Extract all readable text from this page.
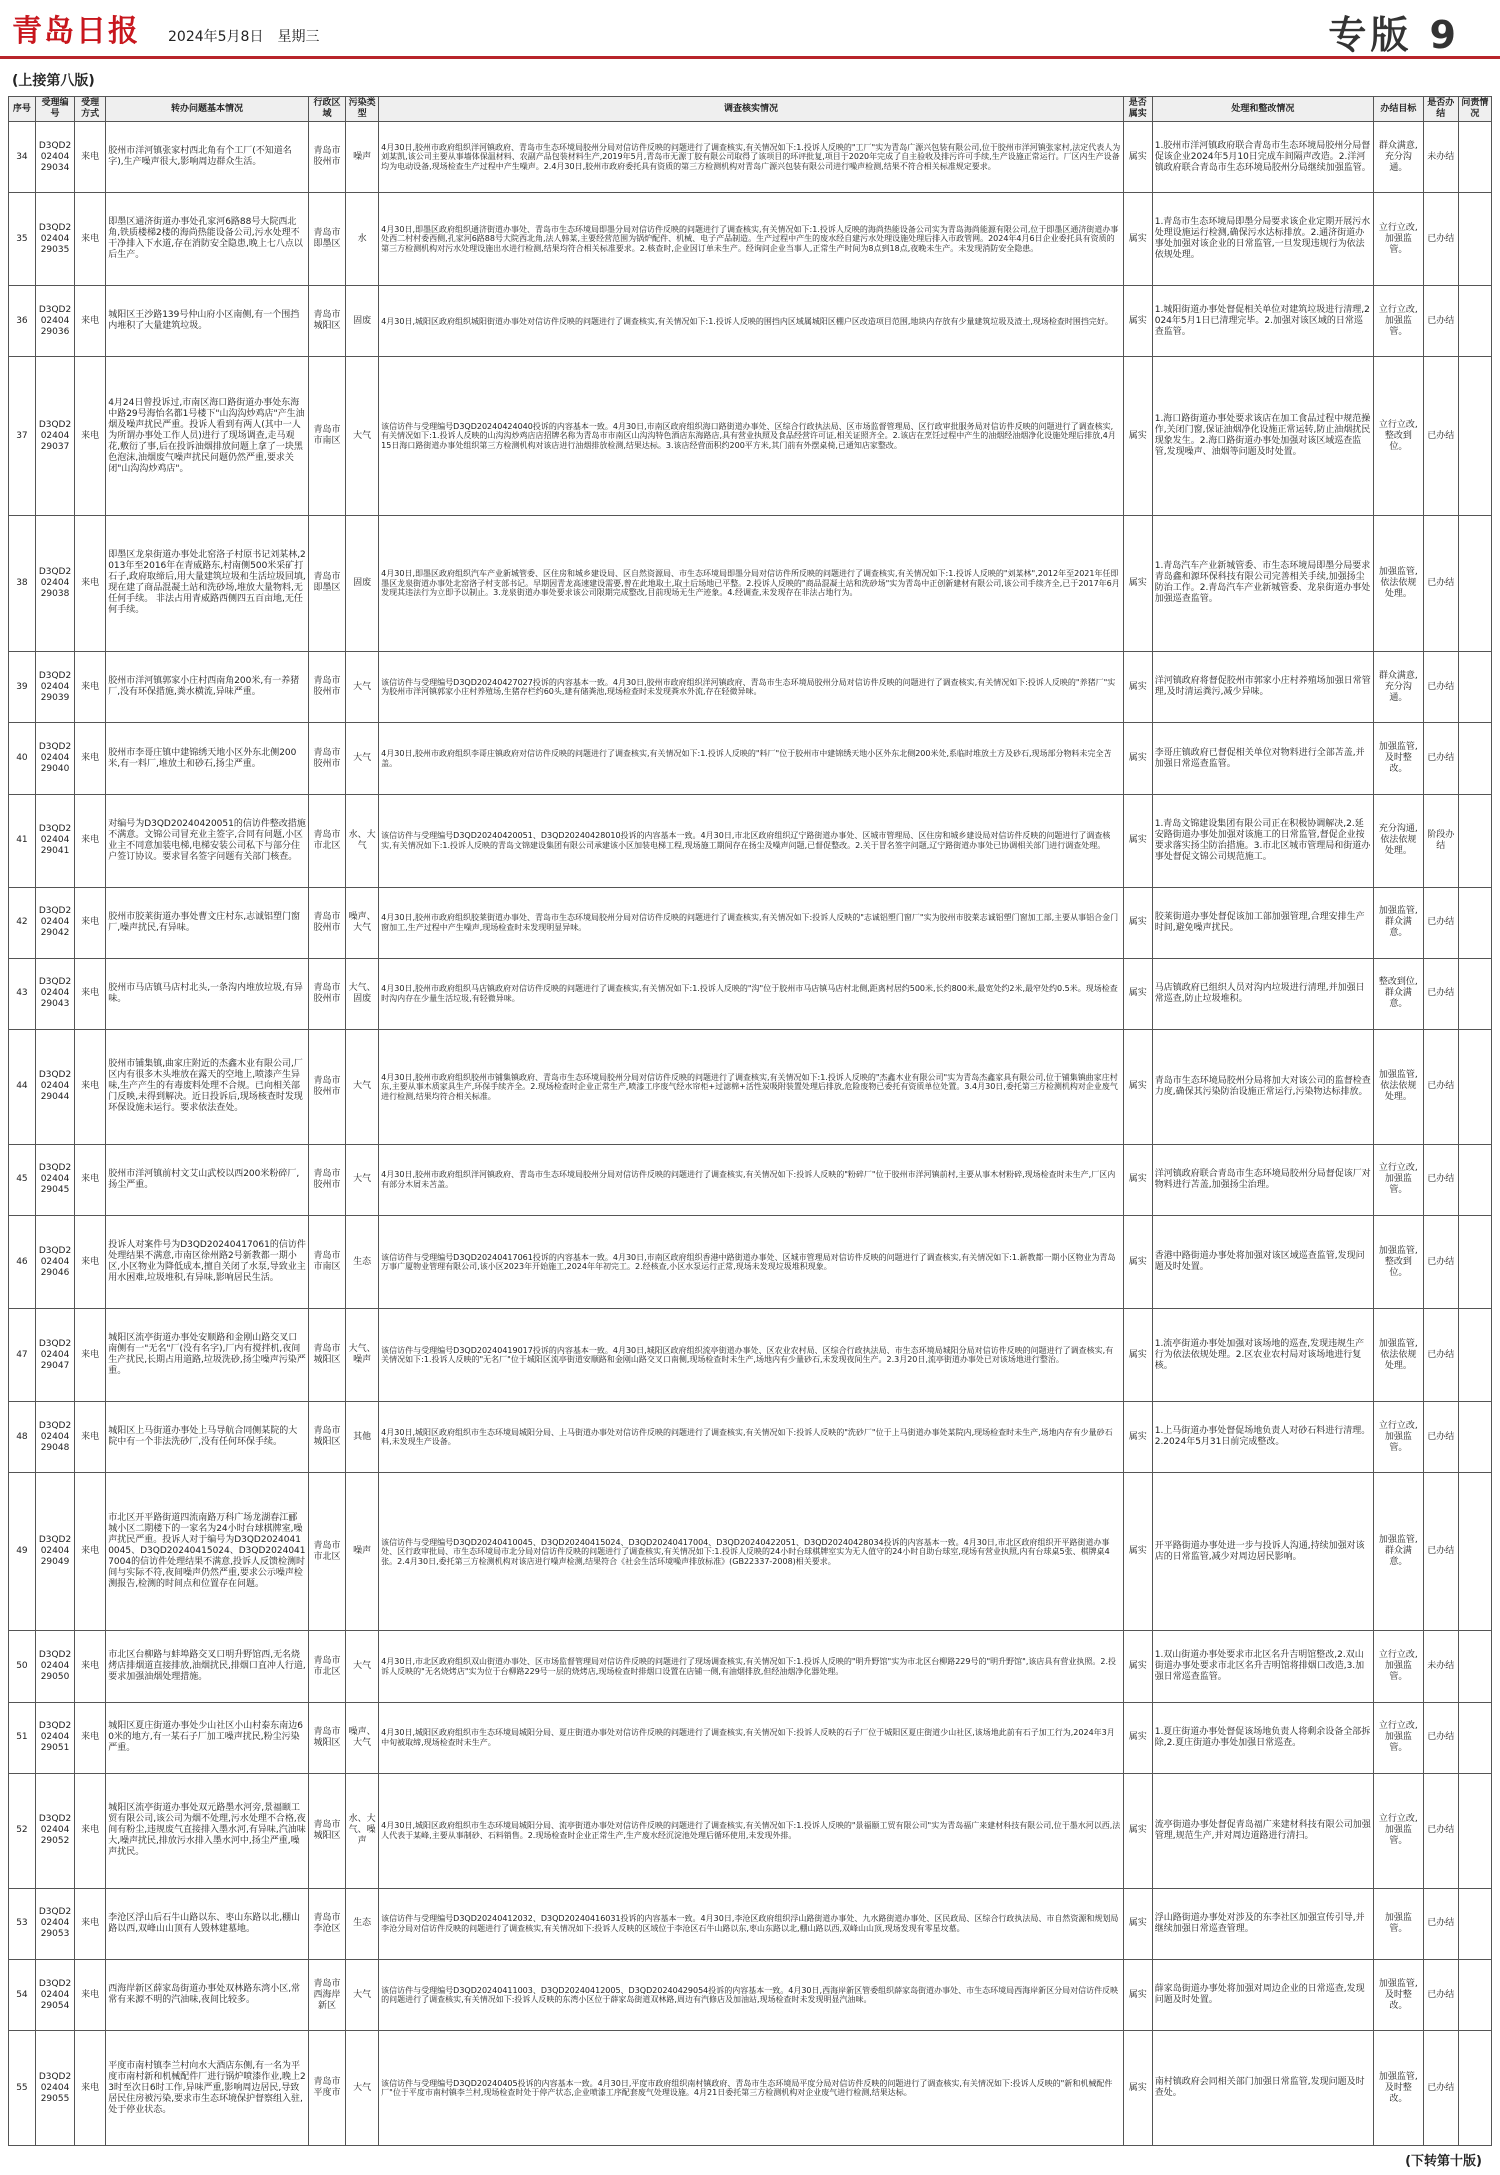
青岛日报 2024年5月8日　星期三	专版 9
(上接第八版)
序号	受理编号	受理方式	转办问题基本情况	行政区域	污染类型	调查核实情况	是否属实	处理和整改情况	办结目标	是否办结	问责情况
34	D3QD202404 29034	来电	胶州市洋河镇张家村西北角有个工厂(不知道名字),生产噪声很大,影响周边群众生活。	青岛市胶州市	噪声	4月30日,胶州市政府组织洋河镇政府、青岛市生态环境局胶州分局对信访件反映的问题进行了调查核实,有关情况如下:1.投诉人反映的"工厂"实为青岛广源兴包装有限公司,位于胶州市洋河镇张家村,法定代表人为刘某凯,该公司主要从事墙体保温材料、农副产品包装材料生产,2019年5月,青岛市无源丁胶有限公司取得了该项目的环评批复,项目于2020年完成了自主验收及排污许可手续,生产设施正常运行。厂区内生产设备均为电动设备,现场检查生产过程中产生噪声。2.4月30日,胶州市政府委托具有资质的第三方检测机构对青岛广源兴包装有限公司进行噪声检测,结果不符合相关标准规定要求。	属实	1.胶州市洋河镇政府联合青岛市生态环境局胶州分局督促该企业2024年5月10日完成车间隔声改造。2.洋河镇政府联合青岛市生态环境局胶州分局继续加强监管。	群众满意,充分沟通。	未办结	
35	D3QD202404 29035	来电	即墨区通济街道办事处孔家河6路88号大院西北角,铁质楼梯2楼的海尚热能设备公司,污水处理不干净排入下水道,存在消防安全隐患,晚上七八点以后生产。	青岛市即墨区	水	4月30日,即墨区政府组织通济街道办事处、青岛市生态环境局即墨分局对信访件反映的问题进行了调查核实,有关情况如下:1.投诉人反映的海尚热能设备公司实为青岛海尚能源有限公司,位于即墨区通济街道办事处西二村村委西侧,孔家河6路88号大院西北角,法人韩某,主要经营范围为锅炉配件、机械、电子产品制造。生产过程中产生的废水经自建污水处理设施处理后排入市政管网。2024年4月6日企业委托具有资质的第三方检测机构对污水处理设施出水进行检测,结果均符合相关标准要求。2.核查时,企业因订单未生产。经询问企业当事人,正常生产时间为8点到18点,夜晚未生产。未发现消防安全隐患。	属实	1.青岛市生态环境局即墨分局要求该企业定期开展污水处理设施运行检测,确保污水达标排放。2.通济街道办事处加强对该企业的日常监管,一旦发现违规行为依法依规处理。	立行立改,加强监管。	已办结	
36	D3QD202404 29036	来电	城阳区王沙路139号仲山府小区南侧,有一个围挡内堆积了大量建筑垃圾。	青岛市城阳区	固废	4月30日,城阳区政府组织城阳街道办事处对信访件反映的问题进行了调查核实,有关情况如下:1.投诉人反映的围挡内区域属城阳区棚户区改造项目范围,地块内存放有少量建筑垃圾及渣土,现场检查时围挡完好。	属实	1.城阳街道办事处督促相关单位对建筑垃圾进行清理,2024年5月1日已清理完毕。2.加强对该区域的日常巡查监管。	立行立改,加强监管。	已办结	
37	D3QD202404 29037	来电	4月24日曾投诉过,市南区海口路街道办事处东海中路29号海怡名都1号楼下"山沟沟炒鸡店"产生油烟及噪声扰民严重。投诉人看到有两人(其中一人为所谓办事处工作人员)进行了现场调查,走马观花,敷衍了事,后在投诉油烟排放问题上拿了一块黑色泡沫,油烟废气噪声扰民问题仍然严重,要求关闭"山沟沟炒鸡店"。	青岛市市南区	大气	该信访件与受理编号D3QD20240424040投诉的内容基本一致。4月30日,市南区政府组织海口路街道办事处、区综合行政执法局、区市场监督管理局、区行政审批服务局对信访件反映的问题进行了调查核实,有关情况如下:1.投诉人反映的山沟沟炒鸡店店招牌名称为青岛市市南区山沟沟特色酒店东海路店,具有营业执照及食品经营许可证,相关证照齐全。2.该店在烹饪过程中产生的油烟经油烟净化设施处理后排放,4月15日海口路街道办事处组织第三方检测机构对该店进行油烟排放检测,结果达标。3.该店经营面积约200平方米,其门前有外摆桌椅,已通知店家整改。	属实	1.海口路街道办事处要求该店在加工食品过程中规范操作,关闭门窗,保证油烟净化设施正常运转,防止油烟扰民现象发生。2.海口路街道办事处加强对该区域巡查监管,发现噪声、油烟等问题及时处置。	立行立改,整改到位。	已办结	
38	D3QD202404 29038	来电	即墨区龙泉街道办事处北窑洛子村原书记刘某林,2013年至2016年在青威路东,村南侧500米采矿打石子,政府取缔后,用大量建筑垃圾和生活垃圾回填,现在建了商品混凝土站和洗砂场,堆放大量物料,无任何手续。 非法占用青威路西侧四五百亩地,无任何手续。	青岛市即墨区	固废	4月30日,即墨区政府组织汽车产业新城管委、区住房和城乡建设局、区自然资源局、市生态环境局即墨分局对信访件所反映的问题进行了调查核实,有关情况如下:1.投诉人反映的"刘某林",2012年至2021年任即墨区龙泉街道办事处北窑洛子村支部书记。早期因青龙高速建设需要,曾在此地取土,取土后场地已平整。2.投诉人反映的"商品混凝土站和洗砂场"实为青岛中正创新建材有限公司,该公司手续齐全,已于2017年6月发现其违法行为立即予以制止。3.龙泉街道办事处要求该公司限期完成整改,目前现场无生产迹象。4.经调查,未发现存在非法占地行为。	属实	1.青岛汽车产业新城管委、市生态环境局即墨分局要求青岛鑫和源环保科技有限公司完善相关手续,加强扬尘防治工作。2.青岛汽车产业新城管委、龙泉街道办事处加强巡查监管。	加强监管,依法依规处理。	已办结	
39	D3QD202404 29039	来电	胶州市洋河镇郭家小庄村西南角200米,有一养猪厂,没有环保措施,粪水横流,异味严重。	青岛市胶州市	大气	该信访件与受理编号D3QD20240427027投诉的内容基本一致。4月30日,胶州市政府组织洋河镇政府、青岛市生态环境局胶州分局对信访件反映的问题进行了调查核实,有关情况如下:投诉人反映的"养猪厂"实为胶州市洋河镇郭家小庄村养殖场,生猪存栏约60头,建有储粪池,现场检查时未发现粪水外流,存在轻微异味。	属实	洋河镇政府将督促胶州市郭家小庄村养殖场加强日常管理,及时清运粪污,减少异味。	群众满意,充分沟通。	已办结	
40	D3QD202404 29040	来电	胶州市李哥庄镇中建锦绣天地小区外东北侧200米,有一料厂,堆放土和砂石,扬尘严重。	青岛市胶州市	大气	4月30日,胶州市政府组织李哥庄镇政府对信访件反映的问题进行了调查核实,有关情况如下:1.投诉人反映的"料厂"位于胶州市中建锦绣天地小区外东北侧200米处,系临时堆放土方及砂石,现场部分物料未完全苫盖。	属实	李哥庄镇政府已督促相关单位对物料进行全部苫盖,并加强日常巡查监管。	加强监管,及时整改。	已办结	
41	D3QD202404 29041	来电	对编号为D3QD20240420051的信访件整改措施不满意。文锦公司冒充业主签字,合同有问题,小区业主不同意加装电梯,电梯安装公司私下与部分住户签订协议。要求冒名签字问题有关部门核查。	青岛市市北区	水、大气	该信访件与受理编号D3QD20240420051、D3QD20240428010投诉的内容基本一致。4月30日,市北区政府组织辽宁路街道办事处、区城市管理局、区住房和城乡建设局对信访件反映的问题进行了调查核实,有关情况如下:1.投诉人反映的青岛文锦建设集团有限公司承建该小区加装电梯工程,现场施工期间存在扬尘及噪声问题,已督促整改。2.关于冒名签字问题,辽宁路街道办事处已协调相关部门进行调查处理。	属实	1.青岛文锦建设集团有限公司正在积极协调解决,2.延安路街道办事处加强对该施工的日常监管,督促企业按要求落实扬尘防治措施。3.市北区城市管理局和街道办事处督促文锦公司规范施工。	充分沟通,依法依规处理。	阶段办结	
42	D3QD202404 29042	来电	胶州市胶莱街道办事处曹文庄村东,志诚铝塑门窗厂,噪声扰民,有异味。	青岛市胶州市	噪声、大气	4月30日,胶州市政府组织胶莱街道办事处、青岛市生态环境局胶州分局对信访件反映的问题进行了调查核实,有关情况如下:投诉人反映的"志诚铝塑门窗厂"实为胶州市胶莱志诚铝塑门窗加工部,主要从事铝合金门窗加工,生产过程中产生噪声,现场检查时未发现明显异味。	属实	胶莱街道办事处督促该加工部加强管理,合理安排生产时间,避免噪声扰民。	加强监管,群众满意。	已办结	
43	D3QD202404 29043	来电	胶州市马店镇马店村北头,一条沟内堆放垃圾,有异味。	青岛市胶州市	大气、固废	4月30日,胶州市政府组织马店镇政府对信访件反映的问题进行了调查核实,有关情况如下:1.投诉人反映的"沟"位于胶州市马店镇马店村北侧,距离村居约500米,长约800米,最宽处约2米,最窄处约0.5米。现场检查时沟内存在少量生活垃圾,有轻微异味。	属实	马店镇政府已组织人员对沟内垃圾进行清理,并加强日常巡查,防止垃圾堆积。	整改到位,群众满意。	已办结	
44	D3QD202404 29044	来电	胶州市铺集镇,曲家庄附近的杰鑫木业有限公司,厂区内有很多木头堆放在露天的空地上,喷漆产生异味,生产产生的有毒废料处理不合规。已向相关部门反映,未得到解决。近日投诉后,现场核查时发现环保设施未运行。要求依法查处。	青岛市胶州市	大气	4月30日,胶州市政府组织胶州市铺集镇政府、青岛市生态环境局胶州分局对信访件反映的问题进行了调查核实,有关情况如下:1.投诉人反映的"杰鑫木业有限公司"实为青岛杰鑫家具有限公司,位于铺集镇曲家庄村东,主要从事木质家具生产,环保手续齐全。2.现场检查时企业正常生产,喷漆工序废气经水帘柜+过滤棉+活性炭吸附装置处理后排放,危险废物已委托有资质单位处置。3.4月30日,委托第三方检测机构对企业废气进行检测,结果均符合相关标准。	属实	青岛市生态环境局胶州分局将加大对该公司的监督检查力度,确保其污染防治设施正常运行,污染物达标排放。	加强监管,依法依规处理。	已办结	
45	D3QD202404 29045	来电	胶州市洋河镇前村文艾山武校以西200米粉碎厂,扬尘严重。	青岛市胶州市	大气	4月30日,胶州市政府组织洋河镇政府、青岛市生态环境局胶州分局对信访件反映的问题进行了调查核实,有关情况如下:投诉人反映的"粉碎厂"位于胶州市洋河镇前村,主要从事木材粉碎,现场检查时未生产,厂区内有部分木屑未苫盖。	属实	洋河镇政府联合青岛市生态环境局胶州分局督促该厂对物料进行苫盖,加强扬尘治理。	立行立改,加强监管。	已办结	
46	D3QD202404 29046	来电	投诉人对案件号为D3QD20240417061的信访件处理结果不满意,市南区徐州路2号新教都一期小区,小区物业为降低成本,擅自关闭了水泵,导致业主用水困难,垃圾堆积,有异味,影响居民生活。	青岛市市南区	生态	该信访件与受理编号D3QD20240417061投诉的内容基本一致。4月30日,市南区政府组织香港中路街道办事处、区城市管理局对信访件反映的问题进行了调查核实,有关情况如下:1.新教都一期小区物业为青岛万事广厦物业管理有限公司,该小区2023年开始施工,2024年年初完工。2.经核查,小区水泵运行正常,现场未发现垃圾堆积现象。	属实	香港中路街道办事处将加强对该区域巡查监管,发现问题及时处置。	加强监管,整改到位。	已办结	
47	D3QD202404 29047	来电	城阳区流亭街道办事处安顺路和金刚山路交叉口南侧有一"无名"厂(没有名字),厂内有搅拌机,夜间生产扰民,长期占用道路,垃圾洗砂,扬尘噪声污染严重。	青岛市城阳区	大气、噪声	该信访件与受理编号D3QD20240419017投诉的内容基本一致。4月30日,城阳区政府组织流亭街道办事处、区农业农村局、区综合行政执法局、市生态环境局城阳分局对信访件反映的问题进行了调查核实,有关情况如下:1.投诉人反映的"无名厂"位于城阳区流亭街道安顺路和金刚山路交叉口南侧,现场检查时未生产,场地内有少量砂石,未发现夜间生产。2.3月20日,流亭街道办事处已对该场地进行整治。	属实	1.流亭街道办事处加强对该场地的巡查,发现违规生产行为依法依规处理。2.区农业农村局对该场地进行复核。	加强监管,依法依规处理。	已办结	
48	D3QD202404 29048	来电	城阳区上马街道办事处上马导航合同侧某院的大院中有一个非法洗砂厂,没有任何环保手续。	青岛市城阳区	其他	4月30日,城阳区政府组织市生态环境局城阳分局、上马街道办事处对信访件反映的问题进行了调查核实,有关情况如下:投诉人反映的"洗砂厂"位于上马街道办事处某院内,现场检查时未生产,场地内存有少量砂石料,未发现生产设备。	属实	1.上马街道办事处督促场地负责人对砂石料进行清理。2.2024年5月31日前完成整改。	立行立改,加强监管。	已办结	
49	D3QD202404 29049	来电	市北区开平路街道四流南路万科广场龙湖春江郦城小区二期楼下的一家名为24小时台球棋牌室,噪声扰民严重。投诉人对于编号为D3QD20240410045、D3QD20240415024、D3QD20240417004的信访件处理结果不满意,投诉人反馈检测时间与实际不符,夜间噪声仍然严重,要求公示噪声检测报告,检测的时间点和位置存在问题。	青岛市市北区	噪声	该信访件与受理编号D3QD20240410045、D3QD20240415024、D3QD20240417004、D3QD20240422051、D3QD20240428034投诉的内容基本一致。4月30日,市北区政府组织开平路街道办事处、区行政审批局、市生态环境局市北分局对信访件反映的问题进行了调查核实,有关情况如下:1.投诉人反映的24小时台球棋牌室实为无人值守的24小时自助台球室,现场有营业执照,内有台球桌5张、棋牌桌4张。2.4月30日,委托第三方检测机构对该店进行噪声检测,结果符合《社会生活环境噪声排放标准》(GB22337-2008)相关要求。	属实	开平路街道办事处进一步与投诉人沟通,持续加强对该店的日常监管,减少对周边居民影响。	加强监管,群众满意。	已办结	
50	D3QD202404 29050	来电	市北区台柳路与蚌埠路交叉口明升野馆西,无名烧烤店排烟道直接排放,油烟扰民,排烟口直冲人行道,要求加强油烟处理措施。	青岛市市北区	大气	4月30日,市北区政府组织双山街道办事处、区市场监督管理局对信访件反映的问题进行了现场调查核实,有关情况如下:1.投诉人反映的"明升野馆"实为市北区台柳路229号的"明升野馆",该店具有营业执照。2.投诉人反映的"无名烧烤店"实为位于台柳路229号一层的烧烤店,现场检查时排烟口设置在店铺一侧,有油烟排放,但经油烟净化器处理。	属实	1.双山街道办事处要求市北区名升吉明馆整改,2.双山街道办事处要求市北区名升吉明馆将排烟口改造,3.加强日常巡查监管。	立行立改,加强监管。	未办结	
51	D3QD202404 29051	来电	城阳区夏庄街道办事处少山社区小山村泰东南边60米的地方,有一某石子厂加工噪声扰民,粉尘污染严重。	青岛市城阳区	噪声、大气	4月30日,城阳区政府组织市生态环境局城阳分局、夏庄街道办事处对信访件反映的问题进行了调查核实,有关情况如下:投诉人反映的石子厂位于城阳区夏庄街道少山社区,该场地此前有石子加工行为,2024年3月中旬被取缔,现场检查时未生产。	属实	1.夏庄街道办事处督促该场地负责人将剩余设备全部拆除,2.夏庄街道办事处加强日常巡查。	立行立改,加强监管。	已办结	
52	D3QD202404 29052	来电	城阳区流亭街道办事处双元路墨水河旁,景福颐工贸有限公司,该公司为烟不处理,污水处理不合格,夜间有粉尘,违规废气直接排入墨水河,有异味,汽油味大,噪声扰民,排放污水排入墨水河中,扬尘严重,噪声扰民。	青岛市城阳区	水、大气、噪声	4月30日,城阳区政府组织市生态环境局城阳分局、流亭街道办事处对信访件反映的问题进行了调查核实,有关情况如下:1.投诉人反映的"景福颐工贸有限公司"实为青岛福广来建材科技有限公司,位于墨水河以西,法人代表于某峰,主要从事制砂、石料销售。2.现场检查时企业正常生产,生产废水经沉淀池处理后循环使用,未发现外排。	属实	流亭街道办事处督促青岛福广来建材科技有限公司加强管理,规范生产,并对周边道路进行清扫。	立行立改,加强监管。	已办结	
53	D3QD202404 29053	来电	李沧区浮山后石牛山路以东、枣山东路以北,棚山路以西,双峰山山顶有人毁林建墓地。	青岛市李沧区	生态	该信访件与受理编号D3QD20240412032、D3QD20240416031投诉的内容基本一致。4月30日,李沧区政府组织浮山路街道办事处、九水路街道办事处、区民政局、区综合行政执法局、市自然资源和规划局李沧分局对信访件反映的问题进行了调查核实,有关情况如下:投诉人反映的区域位于李沧区石牛山路以东,枣山东路以北,棚山路以西,双峰山山顶,现场发现有零星坟墓。	属实	浮山路街道办事处对涉及的东李社区加强宣传引导,并继续加强日常巡查管理。	加强监管。	已办结	
54	D3QD202404 29054	来电	西海岸新区薛家岛街道办事处双林路东湾小区,常常有来源不明的汽油味,夜间比较多。	青岛市西海岸新区	大气	该信访件与受理编号D3QD20240411003、D3QD20240412005、D3QD20240429054投诉的内容基本一致。4月30日,西海岸新区管委组织薛家岛街道办事处、市生态环境局西海岸新区分局对信访件反映的问题进行了调查核实,有关情况如下:投诉人反映的东湾小区位于薛家岛街道双林路,周边有汽修店及加油站,现场检查时未发现明显汽油味。	属实	薛家岛街道办事处将加强对周边企业的日常巡查,发现问题及时处置。	加强监管,及时整改。	已办结	
55	D3QD202404 29055	来电	平度市南村镇李兰村向水大酒店东侧,有一名为平度市南村新和机械配件厂进行锅炉喷漆作业,晚上23时至次日6时工作,异味严重,影响周边居民,导致居民住房被污染,要求市生态环境保护督察组入驻,处于停业状态。	青岛市平度市	大气	该信访件与受理编号D3QD20240405投诉的内容基本一致。4月30日,平度市政府组织南村镇政府、青岛市生态环境局平度分局对信访件反映的问题进行了调查核实,有关情况如下:投诉人反映的"新和机械配件厂"位于平度市南村镇李兰村,现场检查时处于停产状态,企业喷漆工序配套废气处理设施。4月21日委托第三方检测机构对企业废气进行检测,结果达标。	属实	南村镇政府会同相关部门加强日常监管,发现问题及时查处。	加强监管,及时整改。	已办结	
(下转第十版)
